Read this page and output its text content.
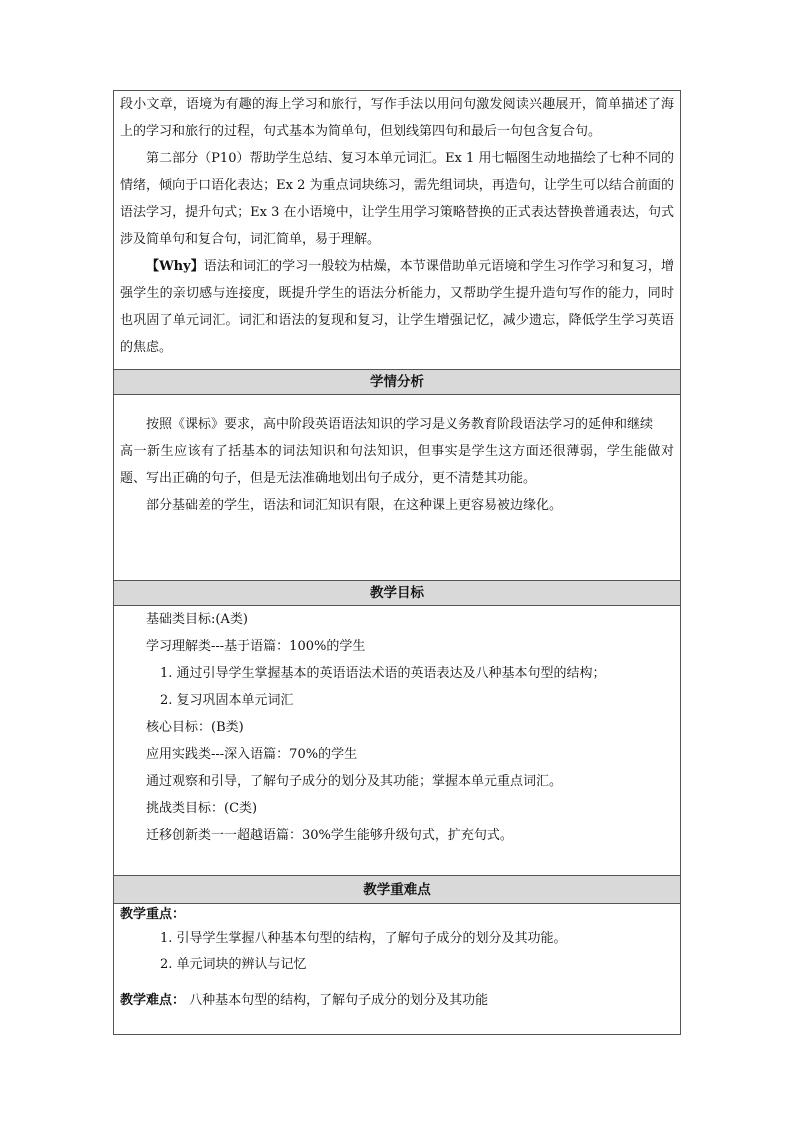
段小文章，语境为有趣的海上学习和旅行，写作手法以用问句激发阅读兴趣展开，简单描述了海上的学习和旅行的过程，句式基本为简单句，但划线第四句和最后一句包含复合句。

第二部分（P10）帮助学生总结、复习本单元词汇。Ex 1 用七幅图生动地描绘了七种不同的情绪，倾向于口语化表达；Ex 2 为重点词块练习，需先组词块，再造句，让学生可以结合前面的语法学习，提升句式；Ex 3 在小语境中，让学生用学习策略替换的正式表达替换普通表达，句式涉及简单句和复合句，词汇简单，易于理解。

【Why】语法和词汇的学习一般较为枯燥，本节课借助单元语境和学生习作学习和复习，增强学生的亲切感与连接度，既提升学生的语法分析能力，又帮助学生提升造句写作的能力，同时也巩固了单元词汇。词汇和语法的复现和复习，让学生增强记忆，减少遗忘，降低学生学习英语的焦虑。

学情分析

按照《课标》要求，高中阶段英语语法知识的学习是义务教育阶段语法学习的延伸和继续

高一新生应该有了括基本的词法知识和句法知识，但事实是学生这方面还很薄弱，学生能做对题、写出正确的句子，但是无法准确地划出句子成分，更不清楚其功能。

部分基础差的学生，语法和词汇知识有限，在这种课上更容易被边缘化。

教学目标

基础类目标:(A类)

学习理解类---基于语篇：100%的学生

1. 通过引导学生掌握基本的英语语法术语的英语表达及八种基本句型的结构；

2. 复习巩固本单元词汇

核心目标：(B类)

应用实践类---深入语篇：70%的学生

通过观察和引导，了解句子成分的划分及其功能；掌握本单元重点词汇。

挑战类目标：(C类)

迁移创新类一一超越语篇：30%学生能够升级句式，扩充句式。

教学重难点

教学重点：

1. 引导学生掌握八种基本句型的结构，了解句子成分的划分及其功能。

2. 单元词块的辨认与记忆

教学难点： 八种基本句型的结构，了解句子成分的划分及其功能
